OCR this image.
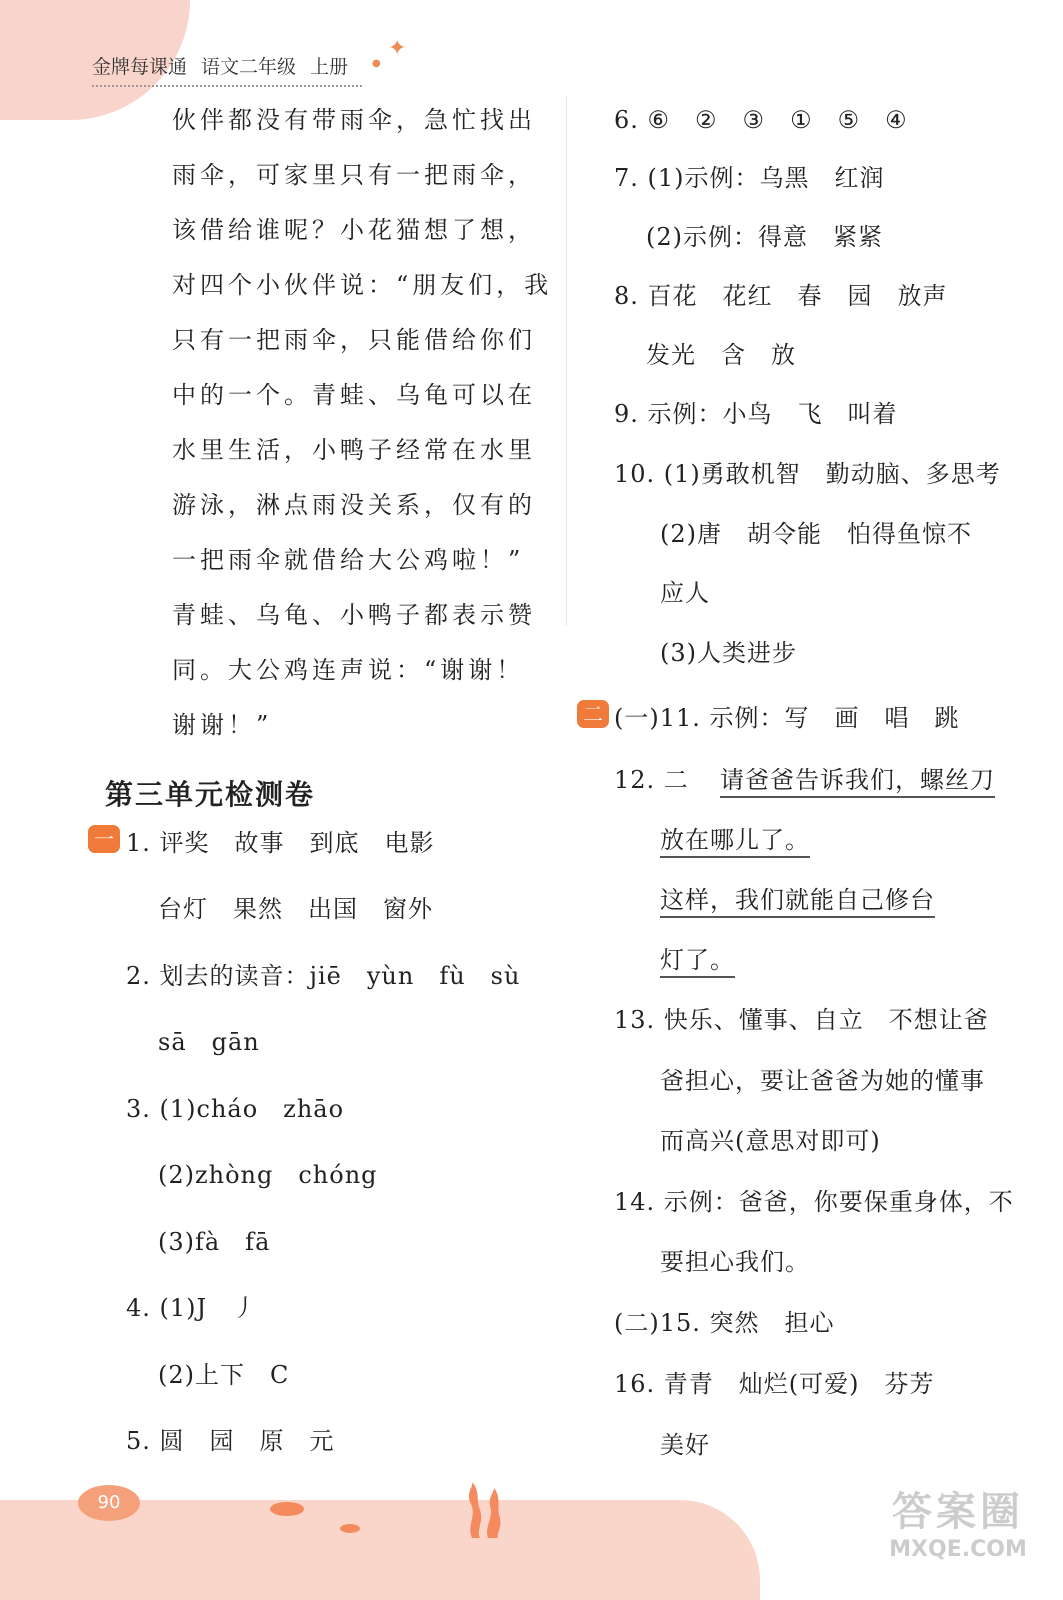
金牌每课通 语文二年级 上册
✦
●
伙伴都没有带雨伞，急忙找出
雨伞，可家里只有一把雨伞，
该借给谁呢？小花猫想了想，
对四个小伙伴说：“朋友们，我
只有一把雨伞，只能借给你们
中的一个。青蛙、乌龟可以在
水里生活，小鸭子经常在水里
游泳，淋点雨没关系，仅有的
一把雨伞就借给大公鸡啦！”
青蛙、乌龟、小鸭子都表示赞
同。大公鸡连声说：“谢谢！
谢谢！”
第三单元检测卷
一 1. 评奖　故事　到底　电影
台灯　果然　出国　窗外
2. 划去的读音：jiē　yùn　fù　sù
sā　gān
3. (1)cháo　zhāo
(2)zhòng　chóng
(3)fà　fā
4. (1)J　丿
(2)上下　C
5. 圆　园　原　元
6. ⑥　②　③　①　⑤　④
7. (1)示例：乌黑　红润
(2)示例：得意　紧紧
8. 百花　花红　春　园　放声
发光　含　放
9. 示例：小鸟　飞　叫着
10. (1)勇敢机智　勤动脑、多思考
(2)唐　胡令能　怕得鱼惊不
应人
(3)人类进步
二 (一)11. 示例：写　画　唱　跳
12. 二 请爸爸告诉我们，螺丝刀
放在哪儿了。
这样，我们就能自己修台
灯了。
13. 快乐、懂事、自立　不想让爸
爸担心，要让爸爸为她的懂事
而高兴(意思对即可)
14. 示例：爸爸，你要保重身体，不
要担心我们。
(二)15. 突然　担心
16. 青青　灿烂(可爱)　芬芳
美好
90	答案圈
MXQE.COM
